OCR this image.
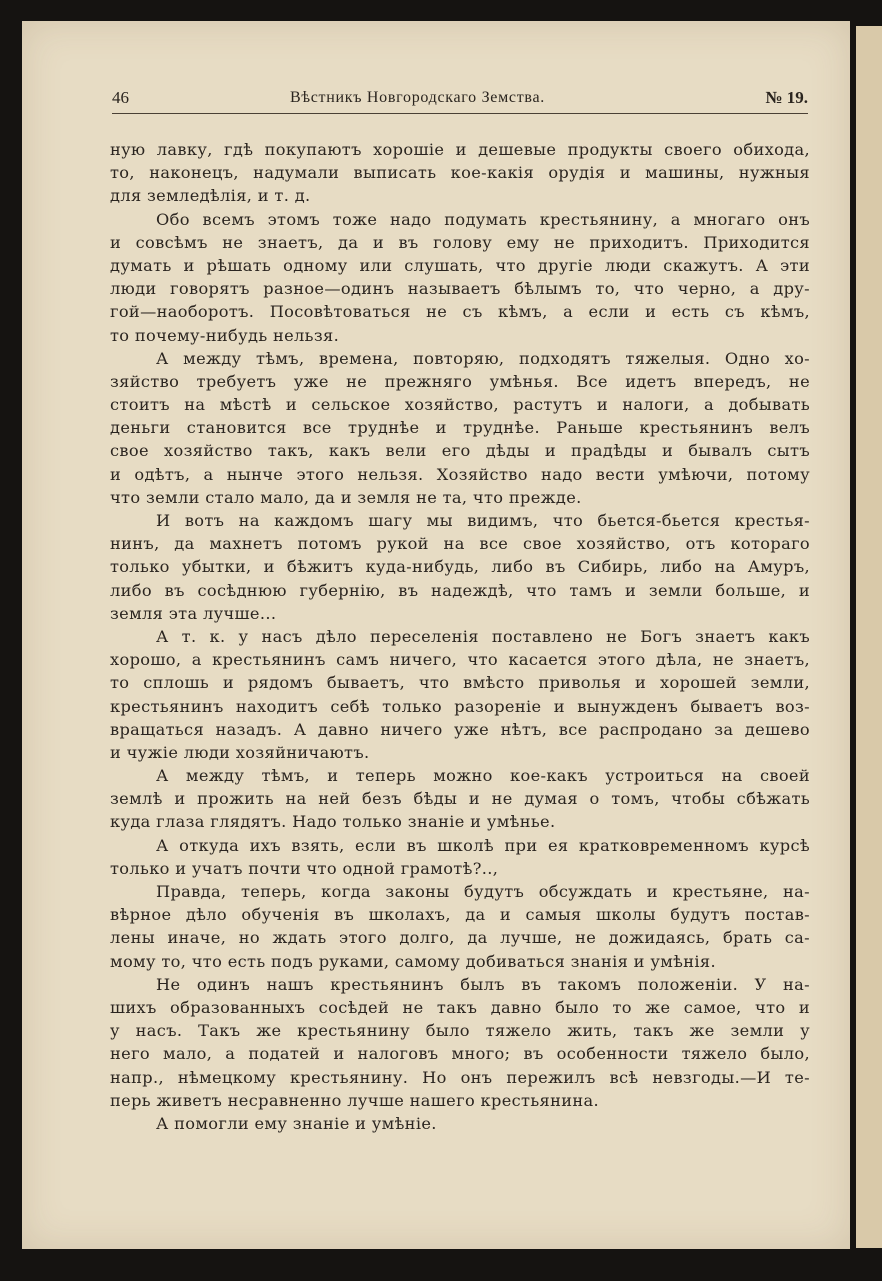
46	Вѣстникъ Новгородскаго Земства.	№ 19.
ную лавку, гдѣ покупаютъ хорошіе и дешевые продукты своего обихода,
то, наконецъ, надумали выписать кое-какія орудія и машины, нужныя
для земледѣлія, и т. д.
Обо всемъ этомъ тоже надо подумать крестьянину, а многаго онъ
и совсѣмъ не знаетъ, да и въ голову ему не приходитъ. Приходится
думать и рѣшать одному или слушать, что другіе люди скажутъ. А эти
люди говорятъ разное—одинъ называетъ бѣлымъ то, что черно, а дру-
гой—наоборотъ. Посовѣтоваться не съ кѣмъ, а если и есть съ кѣмъ,
то почему-нибудь нельзя.
А между тѣмъ, времена, повторяю, подходятъ тяжелыя. Одно хо-
зяйство требуетъ уже не прежняго умѣнья. Все идетъ впередъ, не
стоитъ на мѣстѣ и сельское хозяйство, растутъ и налоги, а добывать
деньги становится все труднѣе и труднѣе. Раньше крестьянинъ велъ
свое хозяйство такъ, какъ вели его дѣды и прадѣды и бывалъ сытъ
и одѣтъ, а нынче этого нельзя. Хозяйство надо вести умѣючи, потому
что земли стало мало, да и земля не та, что прежде.
И вотъ на каждомъ шагу мы видимъ, что бьется-бьется крестья-
нинъ, да махнетъ потомъ рукой на все свое хозяйство, отъ котораго
только убытки, и бѣжитъ куда-нибудь, либо въ Сибирь, либо на Амуръ,
либо въ сосѣднюю губернію, въ надеждѣ, что тамъ и земли больше, и
земля эта лучше...
А т. к. у насъ дѣло переселенія поставлено не Богъ знаетъ какъ
хорошо, а крестьянинъ самъ ничего, что касается этого дѣла, не знаетъ,
то сплошь и рядомъ бываетъ, что вмѣсто приволья и хорошей земли,
крестьянинъ находитъ себѣ только разореніе и вынужденъ бываетъ воз-
вращаться назадъ. А давно ничего уже нѣтъ, все распродано за дешево
и чужіе люди хозяйничаютъ.
А между тѣмъ, и теперь можно кое-какъ устроиться на своей
землѣ и прожить на ней безъ бѣды и не думая о томъ, чтобы сбѣжать
куда глаза глядятъ. Надо только знаніе и умѣнье.
А откуда ихъ взять, если въ школѣ при ея кратковременномъ курсѣ
только и учатъ почти что одной грамотѣ?..,
Правда, теперь, когда законы будутъ обсуждать и крестьяне, на-
вѣрное дѣло обученія въ школахъ, да и самыя школы будутъ постав-
лены иначе, но ждать этого долго, да лучше, не дожидаясь, брать са-
мому то, что есть подъ руками, самому добиваться знанія и умѣнія.
Не одинъ нашъ крестьянинъ былъ въ такомъ положеніи. У на-
шихъ образованныхъ сосѣдей не такъ давно было то же самое, что и
у насъ. Такъ же крестьянину было тяжело жить, такъ же земли у
него мало, а податей и налоговъ много; въ особенности тяжело было,
напр., нѣмецкому крестьянину. Но онъ пережилъ всѣ невзгоды.—И те-
перь живетъ несравненно лучше нашего крестьянина.
А помогли ему знаніе и умѣніе.
